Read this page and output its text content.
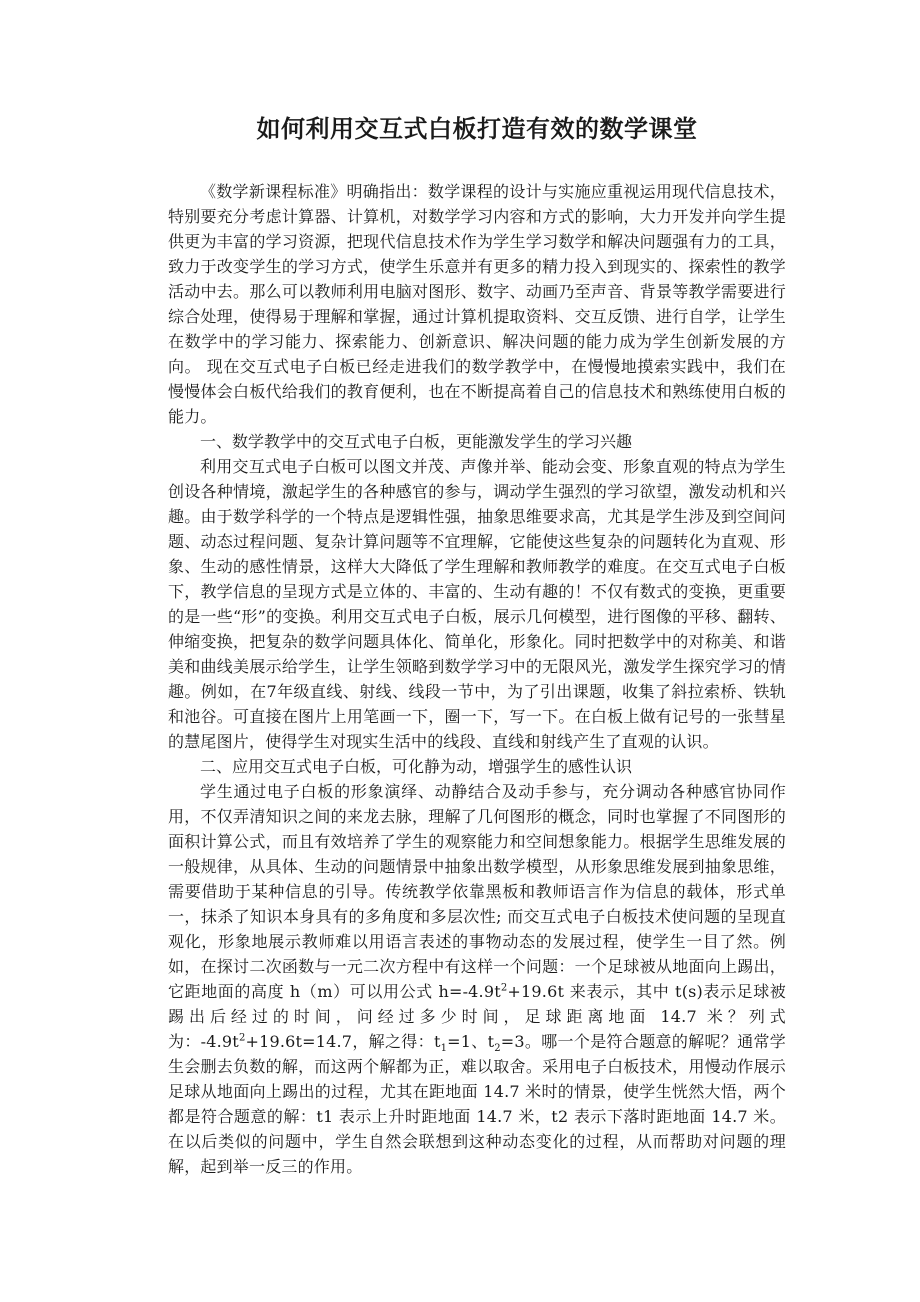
如何利用交互式白板打造有效的数学课堂

《数学新课程标准》明确指出：数学课程的设计与实施应重视运用现代信息技术，特别要充分考虑计算器、计算机，对数学学习内容和方式的影响，大力开发并向学生提供更为丰富的学习资源，把现代信息技术作为学生学习数学和解决问题强有力的工具，致力于改变学生的学习方式，使学生乐意并有更多的精力投入到现实的、探索性的教学活动中去。那么可以教师利用电脑对图形、数字、动画乃至声音、背景等教学需要进行综合处理，使得易于理解和掌握，通过计算机提取资料、交互反馈、进行自学，让学生在数学中的学习能力、探索能力、创新意识、解决问题的能力成为学生创新发展的方向。 现在交互式电子白板已经走进我们的数学教学中，在慢慢地摸索实践中，我们在慢慢体会白板代给我们的教育便利，也在不断提高着自己的信息技术和熟练使用白板的能力。

一、数学教学中的交互式电子白板，更能激发学生的学习兴趣

利用交互式电子白板可以图文并茂、声像并举、能动会变、形象直观的特点为学生创设各种情境，激起学生的各种感官的参与，调动学生强烈的学习欲望，激发动机和兴趣。由于数学科学的一个特点是逻辑性强，抽象思维要求高，尤其是学生涉及到空间问题、动态过程问题、复杂计算问题等不宜理解，它能使这些复杂的问题转化为直观、形象、生动的感性情景，这样大大降低了学生理解和教师教学的难度。在交互式电子白板下，教学信息的呈现方式是立体的、丰富的、生动有趣的！不仅有数式的变换，更重要的是一些“形”的变换。利用交互式电子白板，展示几何模型，进行图像的平移、翻转、伸缩变换，把复杂的数学问题具体化、简单化，形象化。同时把数学中的对称美、和谐美和曲线美展示给学生，让学生领略到数学学习中的无限风光，激发学生探究学习的情趣。例如，在7年级直线、射线、线段一节中，为了引出课题，收集了斜拉索桥、铁轨和池谷。可直接在图片上用笔画一下，圈一下，写一下。在白板上做有记号的一张彗星的慧尾图片，使得学生对现实生活中的线段、直线和射线产生了直观的认识。

二、应用交互式电子白板，可化静为动，增强学生的感性认识

学生通过电子白板的形象演绎、动静结合及动手参与，充分调动各种感官协同作用，不仅弄清知识之间的来龙去脉，理解了几何图形的概念，同时也掌握了不同图形的面积计算公式，而且有效培养了学生的观察能力和空间想象能力。根据学生思维发展的一般规律，从具体、生动的问题情景中抽象出数学模型，从形象思维发展到抽象思维，需要借助于某种信息的引导。传统教学依靠黑板和教师语言作为信息的载体，形式单一，抹杀了知识本身具有的多角度和多层次性; 而交互式电子白板技术使问题的呈现直观化，形象地展示教师难以用语言表述的事物动态的发展过程，使学生一目了然。例如，在探讨二次函数与一元二次方程中有这样一个问题：一个足球被从地面向上踢出，它距地面的高度 h（m）可以用公式 $h=-4.9t^2+19.6t$ 来表示，其中 t(s)表示足球被踢出后经过的时间，问经过多少时间，足球距离地面 14.7 米？列式为：$-4.9t^2+19.6t=14.7$，解之得：$t_1=1$、$t_2=3$。哪一个是符合题意的解呢？通常学生会删去负数的解，而这两个解都为正，难以取舍。采用电子白板技术，用慢动作展示足球从地面向上踢出的过程，尤其在距地面 14.7 米时的情景，使学生恍然大悟，两个都是符合题意的解：t1 表示上升时距地面 14.7 米，t2 表示下落时距地面 14.7 米。在以后类似的问题中，学生自然会联想到这种动态变化的过程，从而帮助对问题的理解，起到举一反三的作用。
